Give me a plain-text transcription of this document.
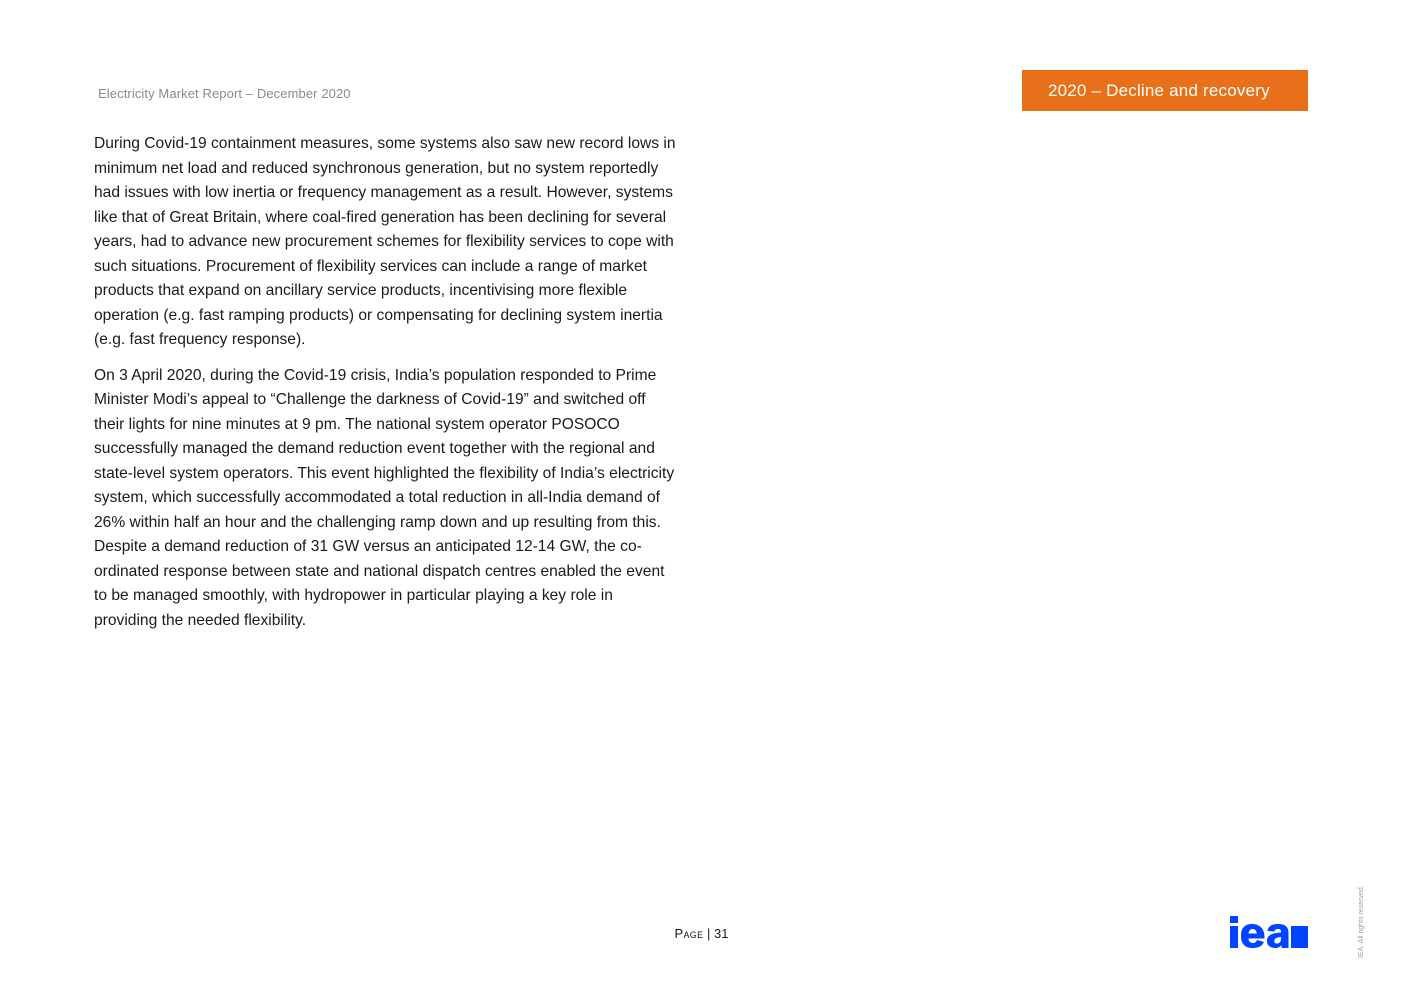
Electricity Market Report – December 2020	2020 – Decline and recovery

During Covid-19 containment measures, some systems also saw new record lows in minimum net load and reduced synchronous generation, but no system reportedly had issues with low inertia or frequency management as a result. However, systems like that of Great Britain, where coal-fired generation has been declining for several years, had to advance new procurement schemes for flexibility services to cope with such situations. Procurement of flexibility services can include a range of market products that expand on ancillary service products, incentivising more flexible operation (e.g. fast ramping products) or compensating for declining system inertia (e.g. fast frequency response).

On 3 April 2020, during the Covid-19 crisis, India’s population responded to Prime Minister Modi’s appeal to “Challenge the darkness of Covid-19” and switched off their lights for nine minutes at 9 pm. The national system operator POSOCO successfully managed the demand reduction event together with the regional and state-level system operators. This event highlighted the flexibility of India’s electricity system, which successfully accommodated a total reduction in all-India demand of 26% within half an hour and the challenging ramp down and up resulting from this. Despite a demand reduction of 31 GW versus an anticipated 12-14 GW, the co- ordinated response between state and national dispatch centres enabled the event to be managed smoothly, with hydropower in particular playing a key role in providing the needed flexibility.

Page | 31	IEA. All rights reserved.
